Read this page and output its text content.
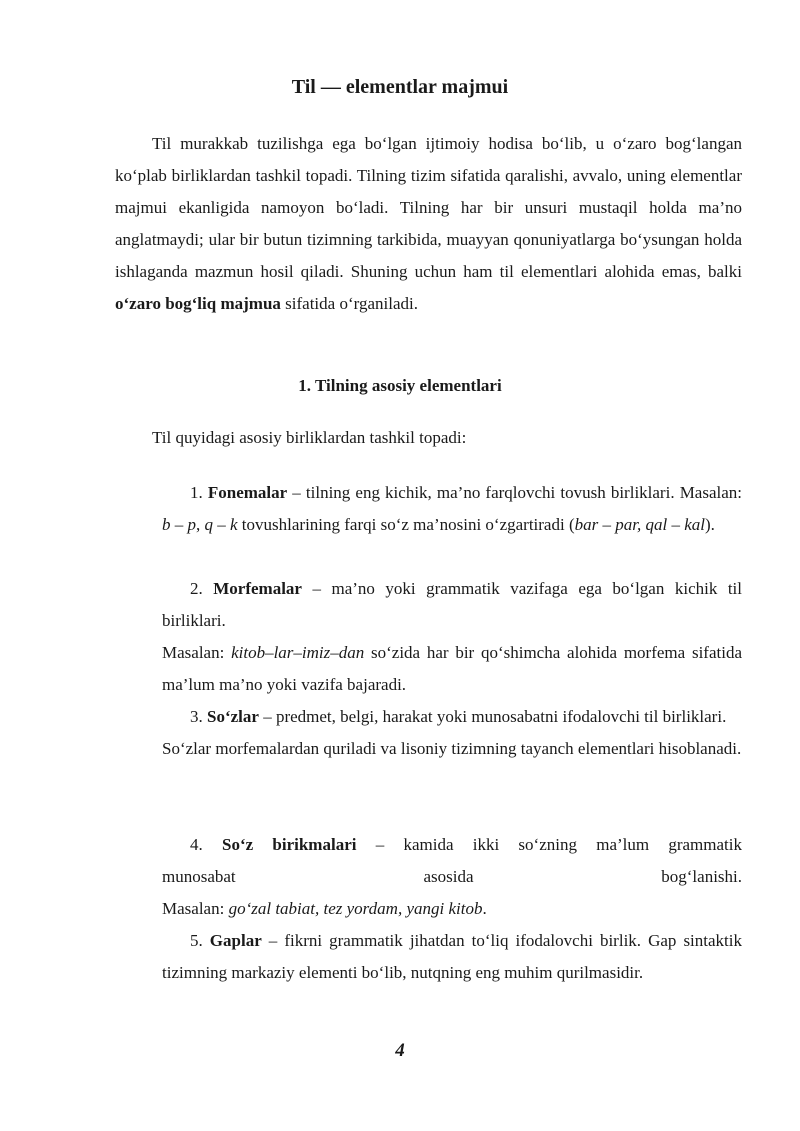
Til — elementlar majmui

Til murakkab tuzilishga ega bo‘lgan ijtimoiy hodisa bo‘lib, u o‘zaro bog‘langan ko‘plab birliklardan tashkil topadi. Tilning tizim sifatida qaralishi, avvalo, uning elementlar majmui ekanligida namoyon bo‘ladi. Tilning har bir unsuri mustaqil holda ma’no anglatmaydi; ular bir butun tizimning tarkibida, muayyan qonuniyatlarga bo‘ysungan holda ishlaganda mazmun hosil qiladi. Shuning uchun ham til elementlari alohida emas, balki o‘zaro bog‘liq majmua sifatida o‘rganiladi.

1. Tilning asosiy elementlari

Til quyidagi asosiy birliklardan tashkil topadi:

1. Fonemalar – tilning eng kichik, ma’no farqlovchi tovush birliklari. Masalan: b – p, q – k tovushlarining farqi so‘z ma’nosini o‘zgartiradi (bar – par, qal – kal).

2. Morfemalar – ma’no yoki grammatik vazifaga ega bo‘lgan kichik til birliklari.
Masalan: kitob–lar–imiz–dan so‘zida har bir qo‘shimcha alohida morfema sifatida ma’lum ma’no yoki vazifa bajaradi.

3. So‘zlar – predmet, belgi, harakat yoki munosabatni ifodalovchi til birliklari.
So‘zlar morfemalardan quriladi va lisoniy tizimning tayanch elementlari hisoblanadi.

4. So‘z birikmalari – kamida ikki so‘zning ma’lum grammatik
munosabat	asosida	bog‘lanishi.
Masalan: go‘zal tabiat, tez yordam, yangi kitob.

5. Gaplar – fikrni grammatik jihatdan to‘liq ifodalovchi birlik. Gap sintaktik tizimning markaziy elementi bo‘lib, nutqning eng muhim qurilmasidir.

4
